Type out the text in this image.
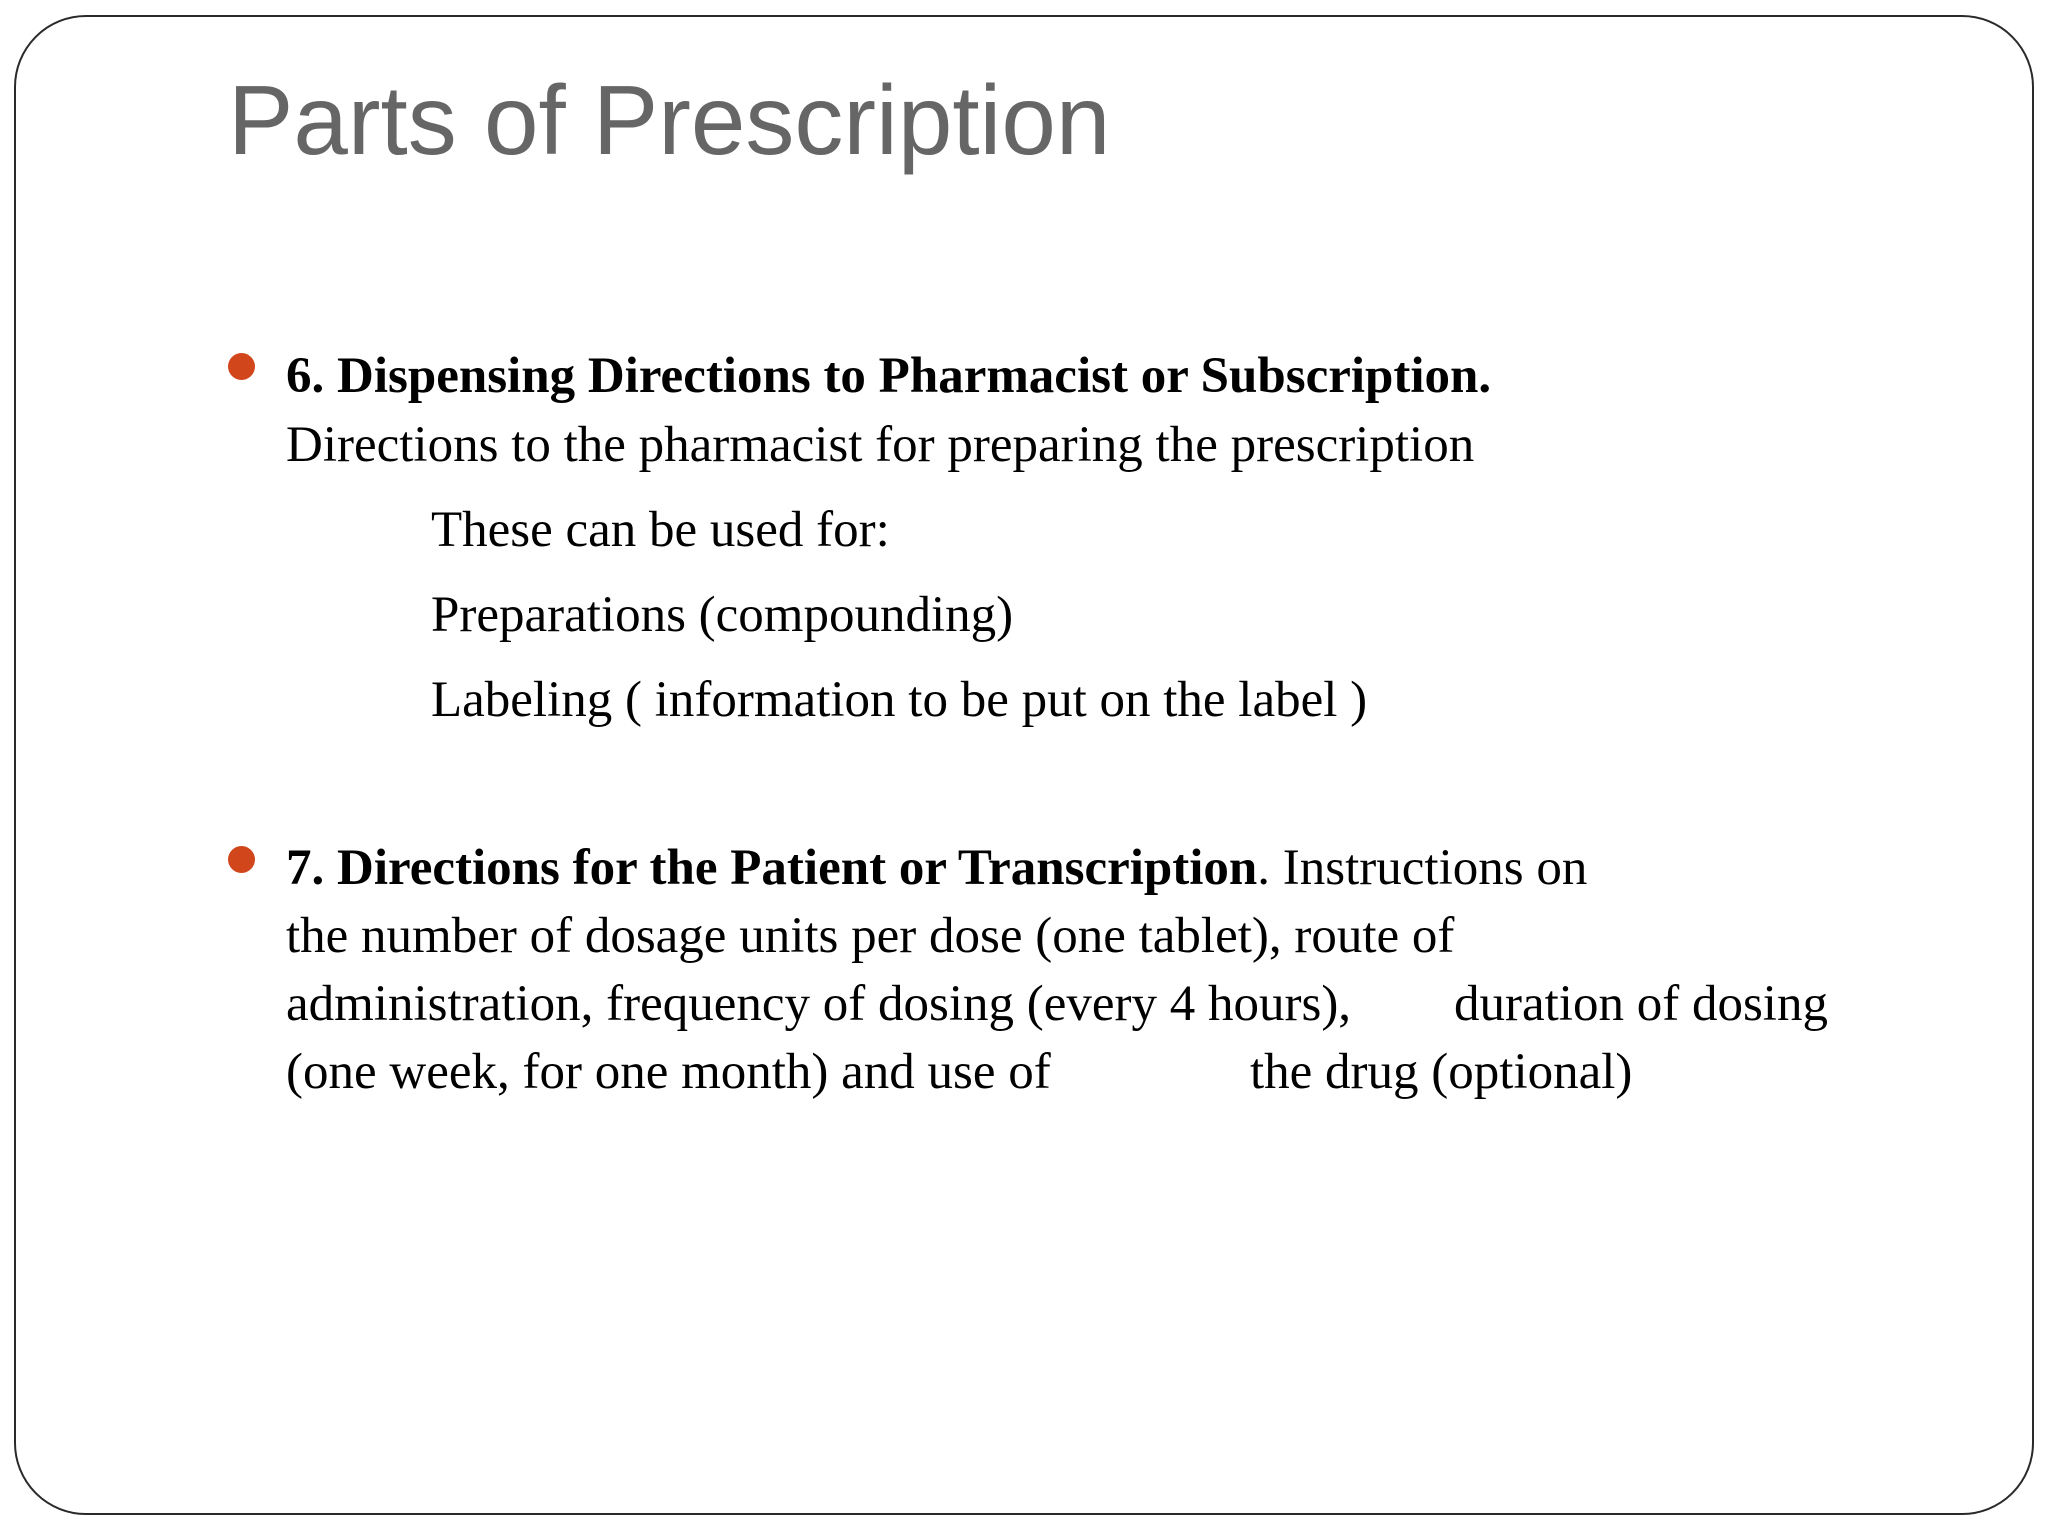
Parts of Prescription

6. Dispensing Directions to Pharmacist or Subscription.

Directions to the pharmacist for preparing the prescription

These can be used for:

Preparations (compounding)

Labeling ( information to be put on the label )

7. Directions for the Patient or Transcription. Instructions on

the number of dosage units per dose (one tablet), route of

administration, frequency of dosing (every 4 hours), duration of dosing

(one week, for one month) and use of	the drug (optional)
